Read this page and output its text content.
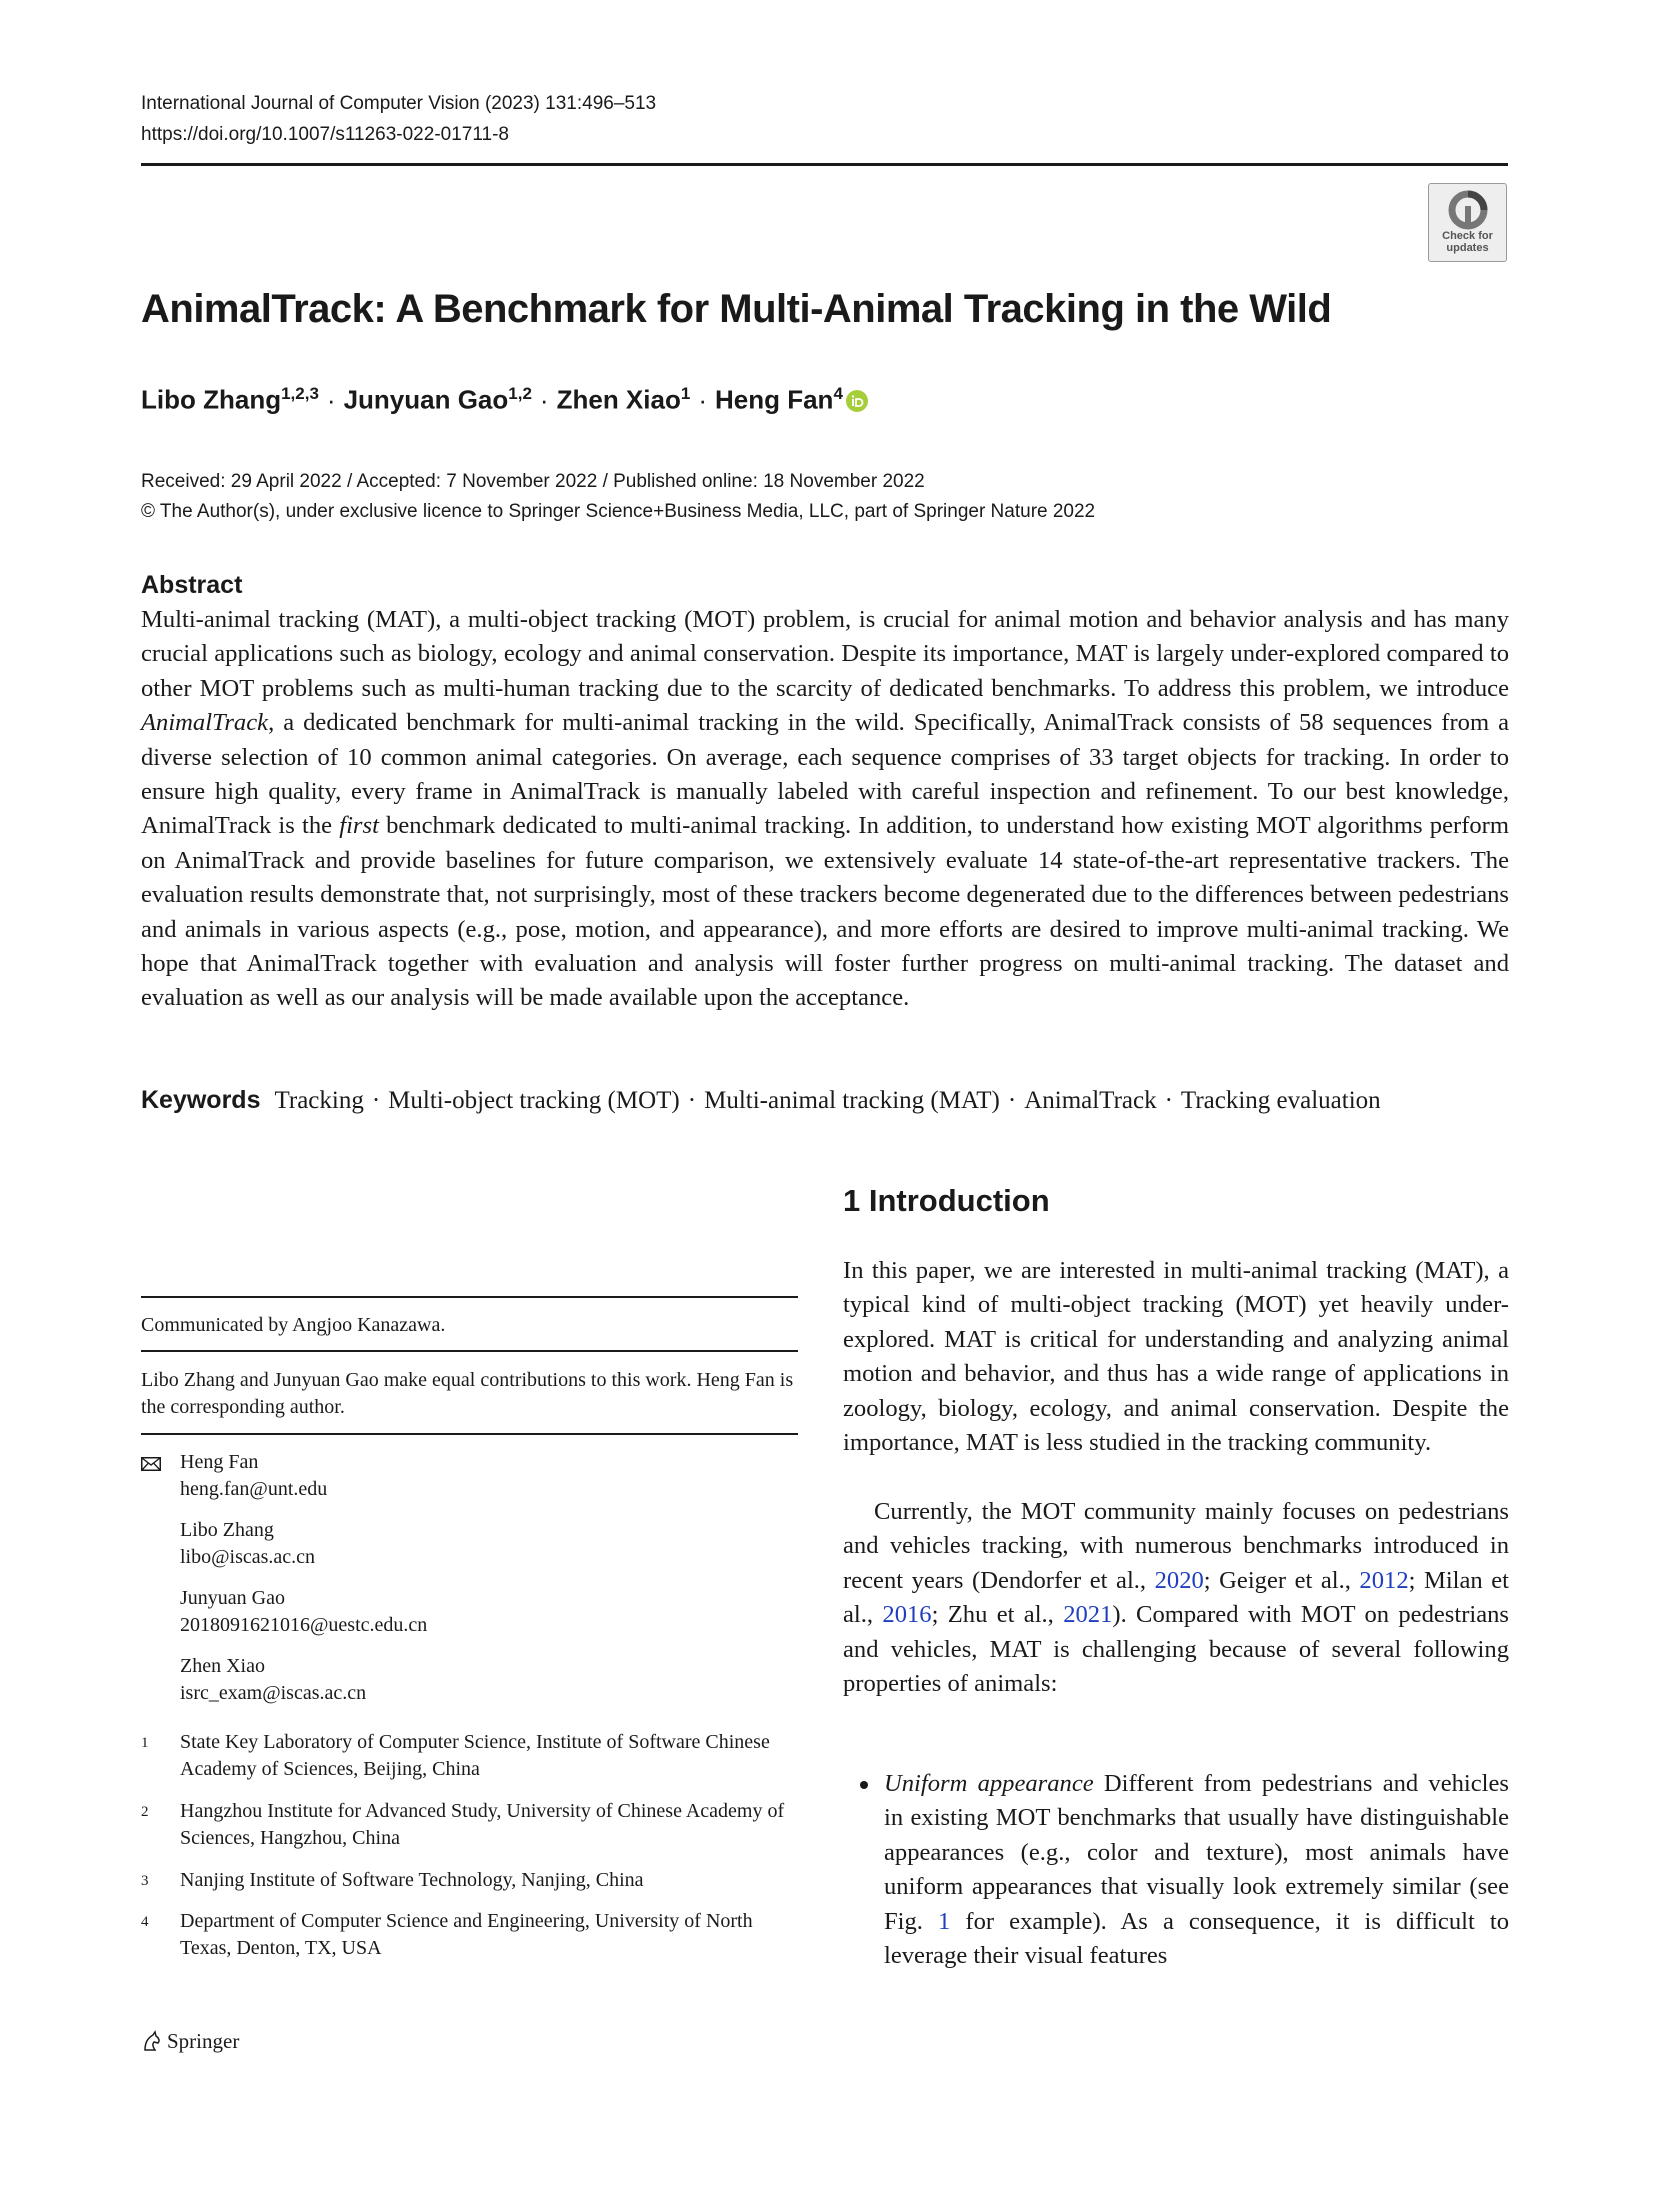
International Journal of Computer Vision (2023) 131:496–513
https://doi.org/10.1007/s11263-022-01711-8
Check for
updates
AnimalTrack: A Benchmark for Multi-Animal Tracking in the Wild
Libo Zhang$^{1,2,3}$ · Junyuan Gao$^{1,2}$ · Zhen Xiao$^1$ · Heng Fan$^4$
Received: 29 April 2022 / Accepted: 7 November 2022 / Published online: 18 November 2022
© The Author(s), under exclusive licence to Springer Science+Business Media, LLC, part of Springer Nature 2022
Abstract

Multi-animal tracking (MAT), a multi-object tracking (MOT) problem, is crucial for animal motion and behavior analysis and has many crucial applications such as biology, ecology and animal conservation. Despite its importance, MAT is largely under-explored compared to other MOT problems such as multi-human tracking due to the scarcity of dedicated benchmarks. To address this problem, we introduce AnimalTrack, a dedicated benchmark for multi-animal tracking in the wild. Specifically, AnimalTrack consists of 58 sequences from a diverse selection of 10 common animal categories. On average, each sequence comprises of 33 target objects for tracking. In order to ensure high quality, every frame in AnimalTrack is manually labeled with careful inspection and refinement. To our best knowledge, AnimalTrack is the first benchmark dedicated to multi-animal tracking. In addition, to understand how existing MOT algorithms perform on AnimalTrack and provide baselines for future comparison, we extensively evaluate 14 state-of-the-art representative trackers. The evaluation results demonstrate that, not surprisingly, most of these trackers become degenerated due to the differences between pedestrians and animals in various aspects (e.g., pose, motion, and appearance), and more efforts are desired to improve multi-animal tracking. We hope that AnimalTrack together with evaluation and analysis will foster further progress on multi-animal tracking. The dataset and evaluation as well as our analysis will be made available upon the acceptance.

Keywords Tracking · Multi-object tracking (MOT) · Multi-animal tracking (MAT) · AnimalTrack · Tracking evaluation
Communicated by Angjoo Kanazawa.

Libo Zhang and Junyuan Gao make equal contributions to this work. Heng Fan is the corresponding author.

Heng Fan
heng.fan@unt.edu
Libo Zhang
libo@iscas.ac.cn
Junyuan Gao
2018091621016@uestc.edu.cn
Zhen Xiao
isrc_exam@iscas.ac.cn
1 State Key Laboratory of Computer Science, Institute of Software Chinese Academy of Sciences, Beijing, China

2 Hangzhou Institute for Advanced Study, University of Chinese Academy of Sciences, Hangzhou, China

3 Nanjing Institute of Software Technology, Nanjing, China

4 Department of Computer Science and Engineering, University of North Texas, Denton, TX, USA

1 Introduction

In this paper, we are interested in multi-animal tracking (MAT), a typical kind of multi-object tracking (MOT) yet heavily under-explored. MAT is critical for understanding and analyzing animal motion and behavior, and thus has a wide range of applications in zoology, biology, ecology, and animal conservation. Despite the importance, MAT is less studied in the tracking community.

Currently, the MOT community mainly focuses on pedestrians and vehicles tracking, with numerous benchmarks introduced in recent years (Dendorfer et al., 2020; Geiger et al., 2012; Milan et al., 2016; Zhu et al., 2021). Compared with MOT on pedestrians and vehicles, MAT is challenging because of several following properties of animals:

Uniform appearance Different from pedestrians and vehicles in existing MOT benchmarks that usually have distinguishable appearances (e.g., color and texture), most animals have uniform appearances that visually look extremely similar (see Fig. 1 for example). As a consequence, it is difficult to leverage their visual features

Springer
